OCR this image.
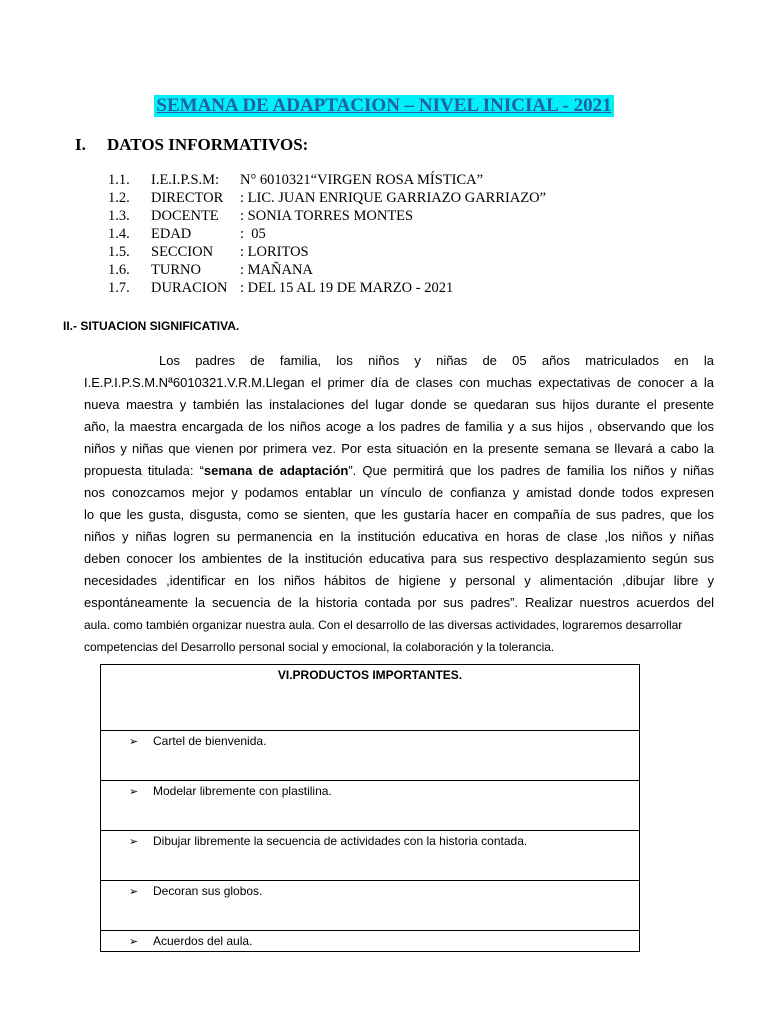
SEMANA DE ADAPTACION – NIVEL INICIAL - 2021
I. DATOS INFORMATIVOS:
1.1. I.E.I.P.S.M: N° 6010321“VIRGEN ROSA MÍSTICA”
1.2. DIRECTOR : LIC. JUAN ENRIQUE GARRIAZO GARRIAZO”
1.3. DOCENTE : SONIA TORRES MONTES
1.4. EDAD	:  05
1.5. SECCION : LORITOS
1.6. TURNO	: MAÑANA
1.7. DURACION : DEL 15 AL 19 DE MARZO - 2021
II.- SITUACION SIGNIFICATIVA.
Los padres de familia, los niños y niñas de 05 años matriculados en la
I.E.P.I.P.S.M.Nª6010321.V.R.M.Llegan el primer día de clases con muchas expectativas de conocer a la
nueva maestra y también las instalaciones del lugar donde se quedaran sus hijos durante el presente
año, la maestra encargada de los niños acoge a los padres de familia y a sus hijos , observando que los
niños y niñas que vienen por primera vez. Por esta situación en la presente semana se llevará a cabo la
propuesta titulada: “semana de adaptación”. Que permitirá que los padres de familia los niños y niñas
nos conozcamos mejor y podamos entablar un vínculo de confianza y amistad donde todos expresen
lo que les gusta, disgusta, como se sienten, que les gustaría hacer en compañía de sus padres, que los
niños y niñas logren su permanencia en la institución educativa en horas de clase ,los niños y niñas
deben conocer los ambientes de la institución educativa para sus respectivo desplazamiento según sus
necesidades ,identificar en los niños hábitos de higiene y personal y alimentación ,dibujar libre y
espontáneamente la secuencia de la historia contada por sus padres”. Realizar nuestros acuerdos del
aula. como también organizar nuestra aula. Con el desarrollo de las diversas actividades, lograremos desarrollar
competencias del Desarrollo personal social y emocional, la colaboración y la tolerancia.
VI.PRODUCTOS IMPORTANTES.
➢ Cartel de bienvenida.
➢ Modelar libremente con plastilina.
➢ Dibujar libremente la secuencia de actividades con la historia contada.
➢ Decoran sus globos.
➢ Acuerdos del aula.
